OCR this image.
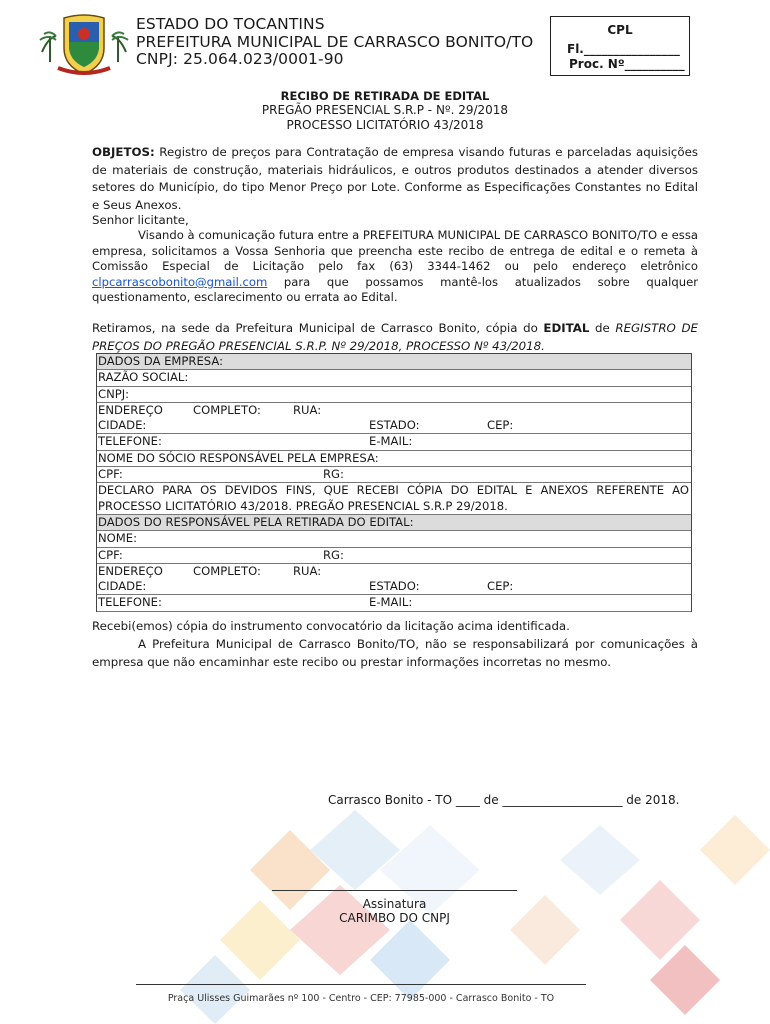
ESTADO DO TOCANTINS
PREFEITURA MUNICIPAL DE CARRASCO BONITO/TO
CNPJ: 25.064.023/0001-90
CPL
Fl.________________
Proc. Nº__________
RECIBO DE RETIRADA DE EDITAL
PREGÃO PRESENCIAL S.R.P - Nº. 29/2018
PROCESSO LICITATÓRIO 43/2018
OBJETOS: Registro de preços para Contratação de empresa visando futuras e parceladas aquisições de materiais de construção, materiais hidráulicos, e outros produtos destinados a atender diversos setores do Município, do tipo Menor Preço por Lote. Conforme as Especificações Constantes no Edital e Seus Anexos.
Senhor licitante,
Visando à comunicação futura entre a PREFEITURA MUNICIPAL DE CARRASCO BONITO/TO e essa empresa, solicitamos a Vossa Senhoria que preencha este recibo de entrega de edital e o remeta à Comissão Especial de Licitação pelo fax (63) 3344-1462 ou pelo endereço eletrônico clpcarrascobonito@gmail.com para que possamos mantê-los atualizados sobre qualquer questionamento, esclarecimento ou errata ao Edital.
Retiramos, na sede da Prefeitura Municipal de Carrasco Bonito, cópia do EDITAL de REGISTRO DE PREÇOS DO PREGÃO PRESENCIAL S.R.P. Nº 29/2018, PROCESSO Nº 43/2018.
DADOS DA EMPRESA:
RAZÃO SOCIAL:
CNPJ:
ENDEREÇO	COMPLETO:	RUA:
CIDADE:	ESTADO:	CEP:
TELEFONE:	E-MAIL:
NOME DO SÓCIO RESPONSÁVEL PELA EMPRESA:
CPF:	RG:
DECLARO PARA OS DEVIDOS FINS, QUE RECEBI CÓPIA DO EDITAL E ANEXOS REFERENTE AO PROCESSO LICITATÓRIO 43/2018. PREGÃO PRESENCIAL S.R.P 29/2018.
DADOS DO RESPONSÁVEL PELA RETIRADA DO EDITAL:
NOME:
CPF:	RG:
ENDEREÇO	COMPLETO:	RUA:
CIDADE:	ESTADO:	CEP:
TELEFONE:	E-MAIL:
Recebi(emos) cópia do instrumento convocatório da licitação acima identificada.
A Prefeitura Municipal de Carrasco Bonito/TO, não se responsabilizará por comunicações à empresa que não encaminhar este recibo ou prestar informações incorretas no mesmo.
Carrasco Bonito - TO ____ de ____________________ de 2018.
Assinatura
CARIMBO DO CNPJ
Praça Ulisses Guimarães nº 100 - Centro - CEP: 77985-000 - Carrasco Bonito - TO
